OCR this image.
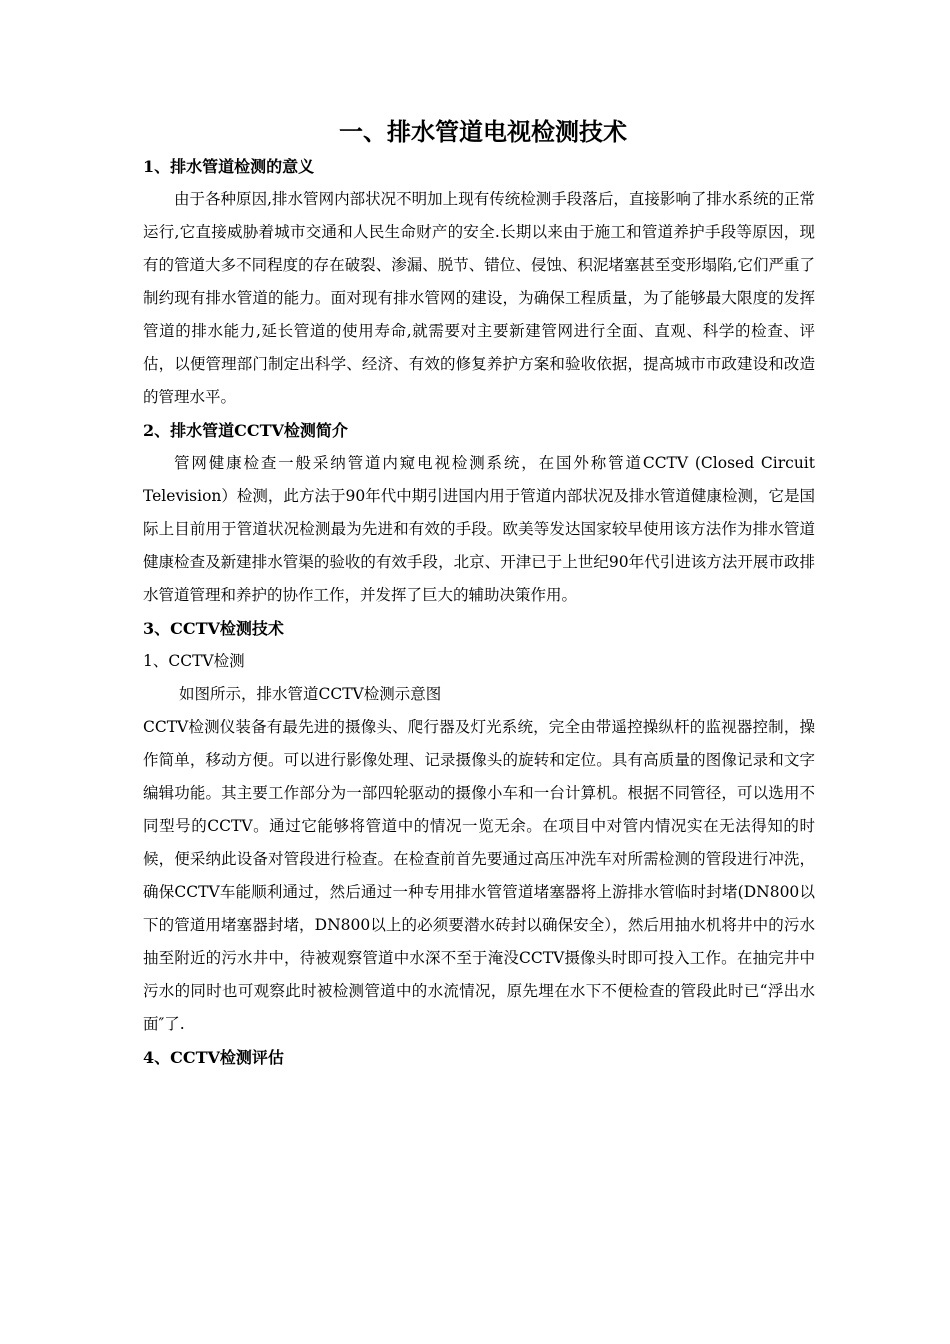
一、排水管道电视检测技术
1、排水管道检测的意义

由于各种原因,排水管网内部状况不明加上现有传统检测手段落后，直接影响了排水系统的正常运行,它直接威胁着城市交通和人民生命财产的安全.长期以来由于施工和管道养护手段等原因，现有的管道大多不同程度的存在破裂、渗漏、脱节、错位、侵蚀、积泥堵塞甚至变形塌陷,它们严重了制约现有排水管道的能力。面对现有排水管网的建设，为确保工程质量，为了能够最大限度的发挥管道的排水能力,延长管道的使用寿命,就需要对主要新建管网进行全面、直观、科学的检查、评估，以便管理部门制定出科学、经济、有效的修复养护方案和验收依据，提高城市市政建设和改造的管理水平。

2、排水管道CCTV检测简介

管网健康检查一般采纳管道内窥电视检测系统，在国外称管道CCTV (Closed Circuit Television）检测，此方法于90年代中期引进国内用于管道内部状况及排水管道健康检测，它是国际上目前用于管道状况检测最为先进和有效的手段。欧美等发达国家较早使用该方法作为排水管道健康检查及新建排水管渠的验收的有效手段，北京、开津已于上世纪90年代引进该方法开展市政排水管道管理和养护的协作工作，并发挥了巨大的辅助决策作用。

3、CCTV检测技术

1、CCTV检测

如图所示，排水管道CCTV检测示意图

CCTV检测仪装备有最先进的摄像头、爬行器及灯光系统，完全由带遥控操纵杆的监视器控制，操作简单，移动方便。可以进行影像处理、记录摄像头的旋转和定位。具有高质量的图像记录和文字编辑功能。其主要工作部分为一部四轮驱动的摄像小车和一台计算机。根据不同管径，可以选用不同型号的CCTV。通过它能够将管道中的情况一览无余。在项目中对管内情况实在无法得知的时候，便采纳此设备对管段进行检查。在检查前首先要通过高压冲洗车对所需检测的管段进行冲洗，确保CCTV车能顺利通过，然后通过一种专用排水管管道堵塞器将上游排水管临时封堵(DN800以下的管道用堵塞器封堵，DN800以上的必须要潜水砖封以确保安全），然后用抽水机将井中的污水抽至附近的污水井中，待被观察管道中水深不至于淹没CCTV摄像头时即可投入工作。在抽完井中污水的同时也可观察此时被检测管道中的水流情况，原先埋在水下不便检查的管段此时已“浮出水面″了.

4、CCTV检测评估
